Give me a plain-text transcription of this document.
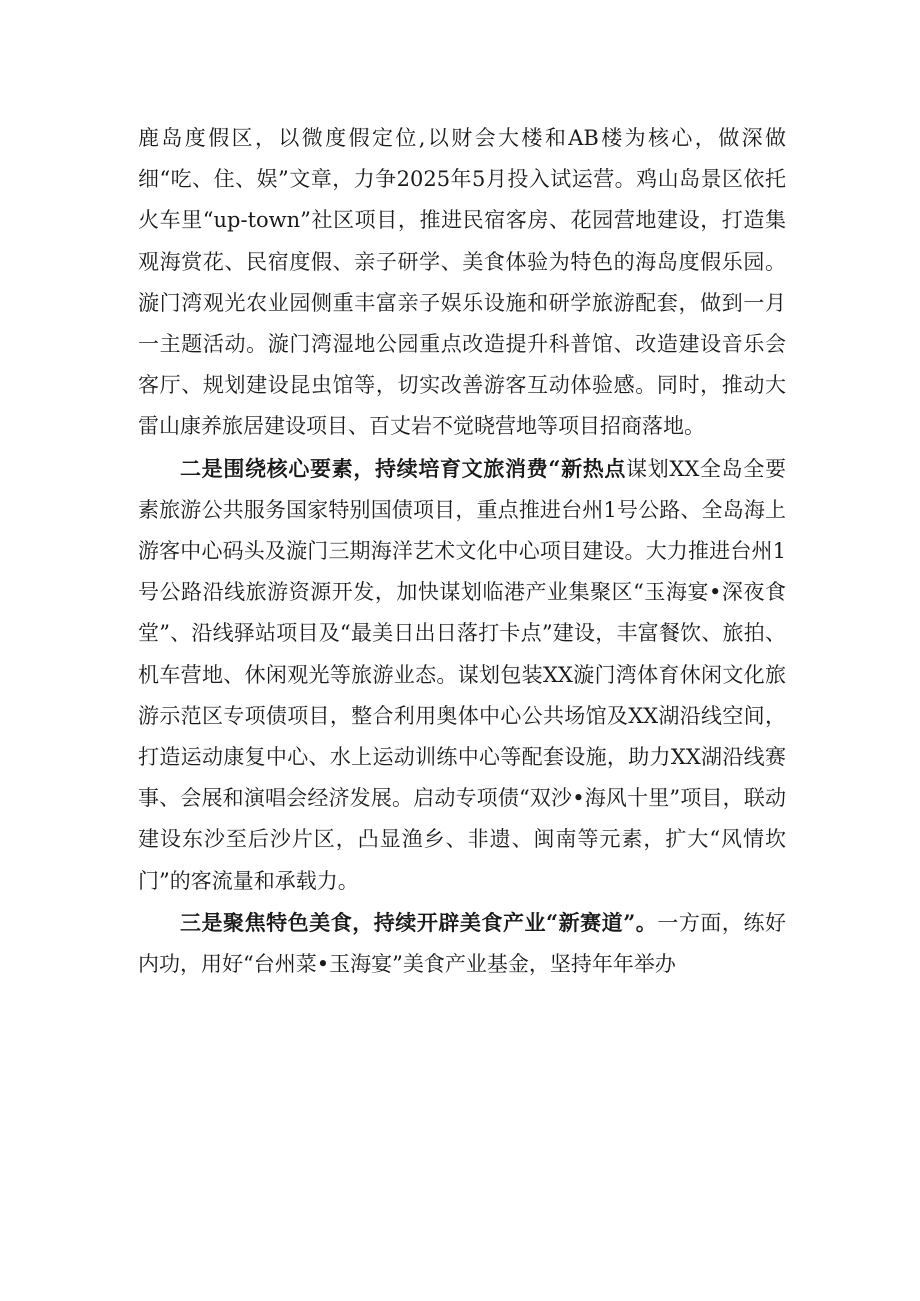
鹿岛度假区，以微度假定位,以财会大楼和AB楼为核心，做深做细“吃、住、娱”文章，力争2025年5月投入试运营。鸡山岛景区依托火车里“up-town”社区项目，推进民宿客房、花园营地建设，打造集观海赏花、民宿度假、亲子研学、美食体验为特色的海岛度假乐园。漩门湾观光农业园侧重丰富亲子娱乐设施和研学旅游配套，做到一月一主题活动。漩门湾湿地公园重点改造提升科普馆、改造建设音乐会客厅、规划建设昆虫馆等，切实改善游客互动体验感。同时，推动大雷山康养旅居建设项目、百丈岩不觉晓营地等项目招商落地。

二是围绕核心要素，持续培育文旅消费“新热点谋划XX全岛全要素旅游公共服务国家特别国债项目，重点推进台州1号公路、全岛海上游客中心码头及漩门三期海洋艺术文化中心项目建设。大力推进台州1号公路沿线旅游资源开发，加快谋划临港产业集聚区“玉海宴•深夜食堂”、沿线驿站项目及“最美日出日落打卡点”建设，丰富餐饮、旅拍、机车营地、休闲观光等旅游业态。谋划包装XX漩门湾体育休闲文化旅游示范区专项债项目，整合利用奥体中心公共场馆及XX湖沿线空间，打造运动康复中心、水上运动训练中心等配套设施，助力XX湖沿线赛事、会展和演唱会经济发展。启动专项债“双沙•海风十里”项目，联动建设东沙至后沙片区，凸显渔乡、非遗、闽南等元素，扩大“风情坎门”的客流量和承载力。

三是聚焦特色美食，持续开辟美食产业“新赛道”。一方面，练好内功，用好“台州菜•玉海宴”美食产业基金，坚持年年举办
